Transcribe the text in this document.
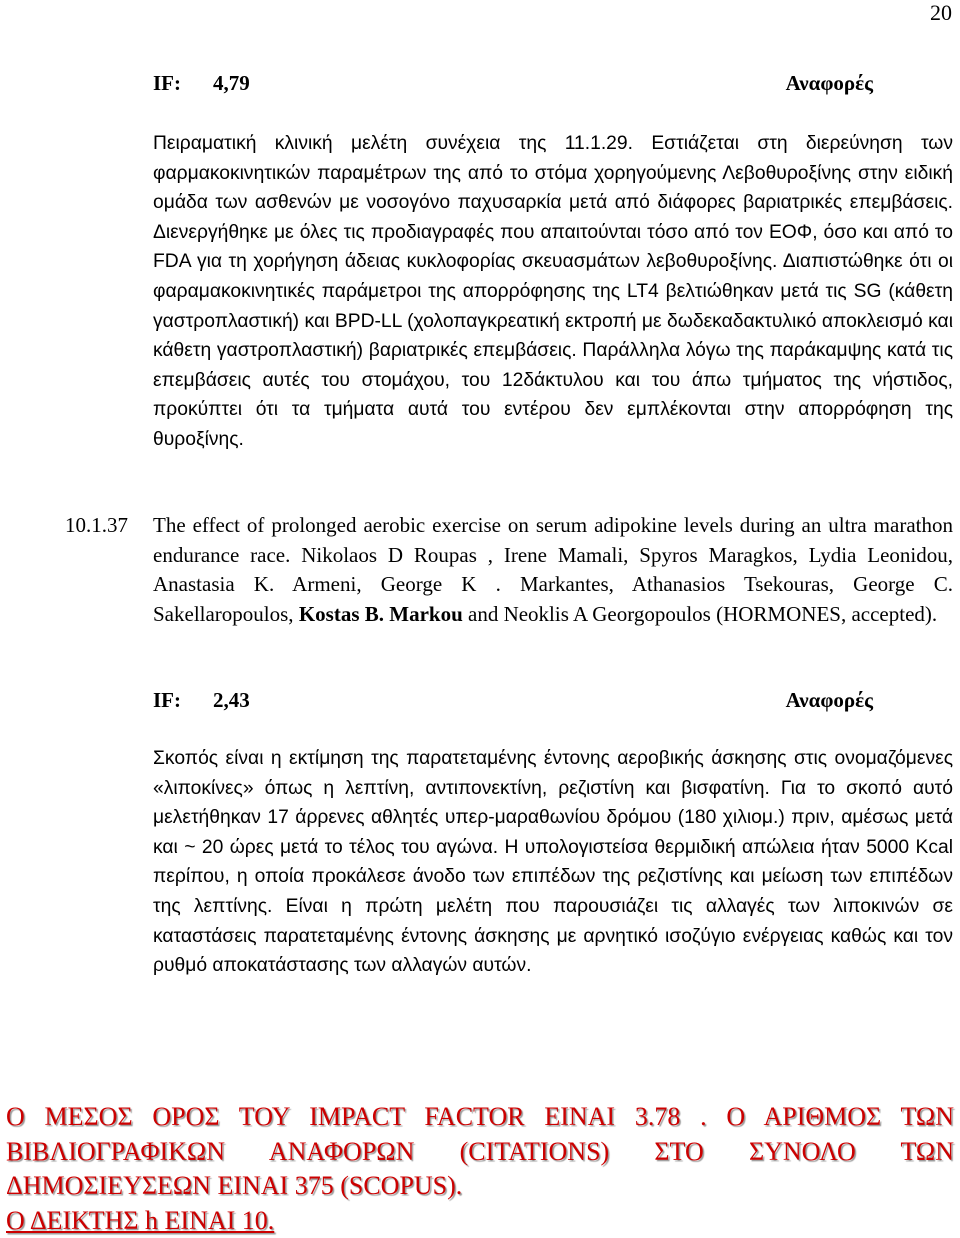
20
IF: 4,79	Αναφορές
Πειραματική κλινική μελέτη συνέχεια της 11.1.29. Εστιάζεται στη διερεύνηση των φαρμακοκινητικών παραμέτρων της από το στόμα χορηγούμενης Λεβοθυροξίνης στην ειδική ομάδα των ασθενών με νοσογόνο παχυσαρκία μετά από διάφορες βαριατρικές επεμβάσεις. Διενεργήθηκε με όλες τις προδιαγραφές που απαιτούνται τόσο από τον ΕΟΦ, όσο και από το FDA για τη χορήγηση άδειας κυκλοφορίας σκευασμάτων λεβοθυροξίνης. Διαπιστώθηκε ότι οι φαραμακοκινητικές παράμετροι της απορρόφησης της LT4 βελτιώθηκαν μετά τις SG (κάθετη γαστροπλαστική) και BPD-LL (χολοπαγκρεατική εκτροπή με δωδεκαδακτυλικό αποκλεισμό και κάθετη γαστροπλαστική) βαριατρικές επεμβάσεις. Παράλληλα λόγω της παράκαμψης κατά τις επεμβάσεις αυτές του στομάχου, του 12δάκτυλου και του άπω τμήματος της νήστιδος, προκύπτει ότι τα τμήματα αυτά του εντέρου δεν εμπλέκονται στην απορρόφηση της θυροξίνης.
10.1.37 The effect of prolonged aerobic exercise on serum adipokine levels during an ultra marathon endurance race. Nikolaos D Roupas , Irene Mamali, Spyros Maragkos, Lydia Leonidou, Anastasia K. Armeni, George K . Markantes, Athanasios Tsekouras, George C. Sakellaropoulos, Kostas B. Markou and Neoklis A Georgopoulos (HORMONES, accepted).
IF: 2,43	Αναφορές
Σκοπός είναι η εκτίμηση της παρατεταμένης έντονης αεροβικής άσκησης στις ονομαζόμενες «λιποκίνες» όπως η λεπτίνη, αντιπονεκτίνη, ρεζιστίνη και βισφατίνη. Για το σκοπό αυτό μελετήθηκαν 17 άρρενες αθλητές υπερ-μαραθωνίου δρόμου (180 χιλιομ.) πριν, αμέσως μετά και ~ 20 ώρες μετά το τέλος του αγώνα. Η υπολογιστείσα θερμιδική απώλεια ήταν 5000 Kcal περίπου, η οποία προκάλεσε άνοδο των επιπέδων της ρεζιστίνης και μείωση των επιπέδων της λεπτίνης. Είναι η πρώτη μελέτη που παρουσιάζει τις αλλαγές των λιποκινών σε καταστάσεις παρατεταμένης έντονης άσκησης με αρνητικό ισοζύγιο ενέργειας καθώς και τον ρυθμό αποκατάστασης των αλλαγών αυτών.

Ο ΜΕΣΟΣ ΟΡΟΣ ΤΟΥ IMPACT FACTOR ΕΙΝΑΙ 3.78 . Ο ΑΡΙΘΜΟΣ ΤΩΝ ΒΙΒΛΙΟΓΡΑΦΙΚΩΝ ΑΝΑΦΟΡΩΝ (CITATIONS) ΣΤΟ ΣΥΝΟΛΟ ΤΩΝ ΔΗΜΟΣΙΕΥΣΕΩΝ ΕΙΝΑΙ 375 (SCOPUS).

Ο ΔΕΙΚΤΗΣ h ΕΙΝΑΙ 10.
